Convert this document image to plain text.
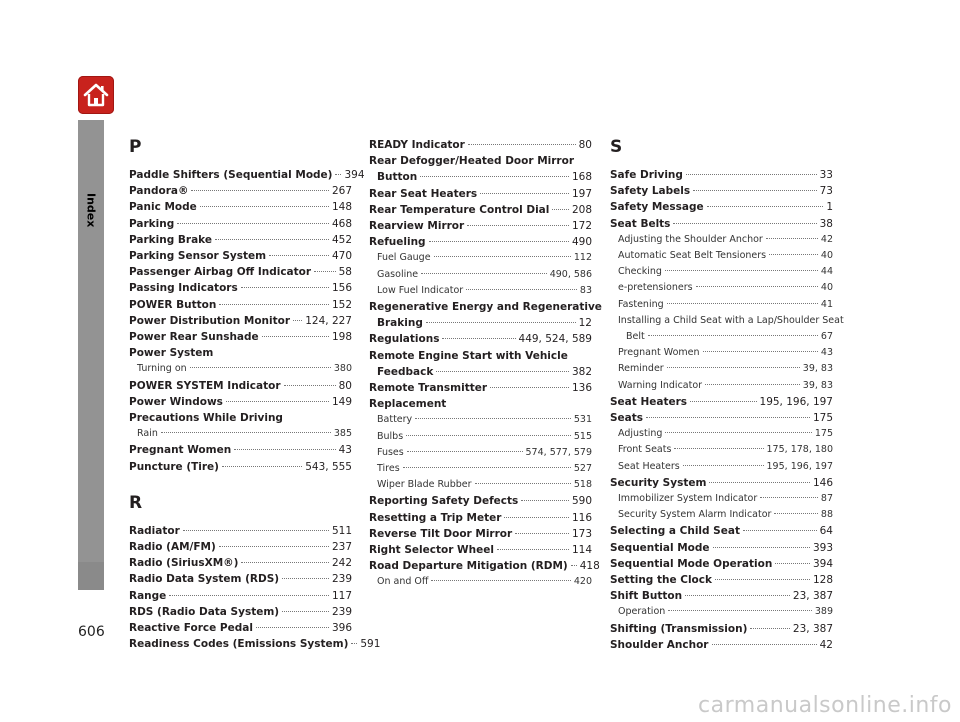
Index
606
P
Paddle Shifters (Sequential Mode) 394
Pandora®	267
Panic Mode	148
Parking	468
Parking Brake	452
Parking Sensor System	470
Passenger Airbag Off Indicator	58
Passing Indicators	156
POWER Button	152
Power Distribution Monitor 124, 227
Power Rear Sunshade	198
Power System
Turning on	380
POWER SYSTEM Indicator	80
Power Windows	149
Precautions While Driving
Rain	385
Pregnant Women	43
Puncture (Tire)	543, 555
R
Radiator	511
Radio (AM/FM)	237
Radio (SiriusXM®)	242
Radio Data System (RDS)	239
Range	117
RDS (Radio Data System)	239
Reactive Force Pedal	396
Readiness Codes (Emissions System) 591
READY Indicator	80
Rear Defogger/Heated Door Mirror
Button	168
Rear Seat Heaters	197
Rear Temperature Control Dial 208
Rearview Mirror	172
Refueling	490
Fuel Gauge	112
Gasoline	490, 586
Low Fuel Indicator	83
Regenerative Energy and Regenerative
Braking	12
Regulations	449, 524, 589
Remote Engine Start with Vehicle
Feedback	382
Remote Transmitter	136
Replacement
Battery	531
Bulbs	515
Fuses	574, 577, 579
Tires	527
Wiper Blade Rubber	518
Reporting Safety Defects	590
Resetting a Trip Meter	116
Reverse Tilt Door Mirror	173
Right Selector Wheel	114
Road Departure Mitigation (RDM) 418
On and Off	420
S
Safe Driving	33
Safety Labels	73
Safety Message	1
Seat Belts	38
Adjusting the Shoulder Anchor	42
Automatic Seat Belt Tensioners	40
Checking	44
e-pretensioners	40
Fastening	41
Installing a Child Seat with a Lap/Shoulder Seat
Belt	67
Pregnant Women	43
Reminder	39, 83
Warning Indicator	39, 83
Seat Heaters	195, 196, 197
Seats	175
Adjusting	175
Front Seats	175, 178, 180
Seat Heaters	195, 196, 197
Security System	146
Immobilizer System Indicator	87
Security System Alarm Indicator	88
Selecting a Child Seat	64
Sequential Mode	393
Sequential Mode Operation	394
Setting the Clock	128
Shift Button	23, 387
Operation	389
Shifting (Transmission)	23, 387
Shoulder Anchor	42
carmanualsonline.info
